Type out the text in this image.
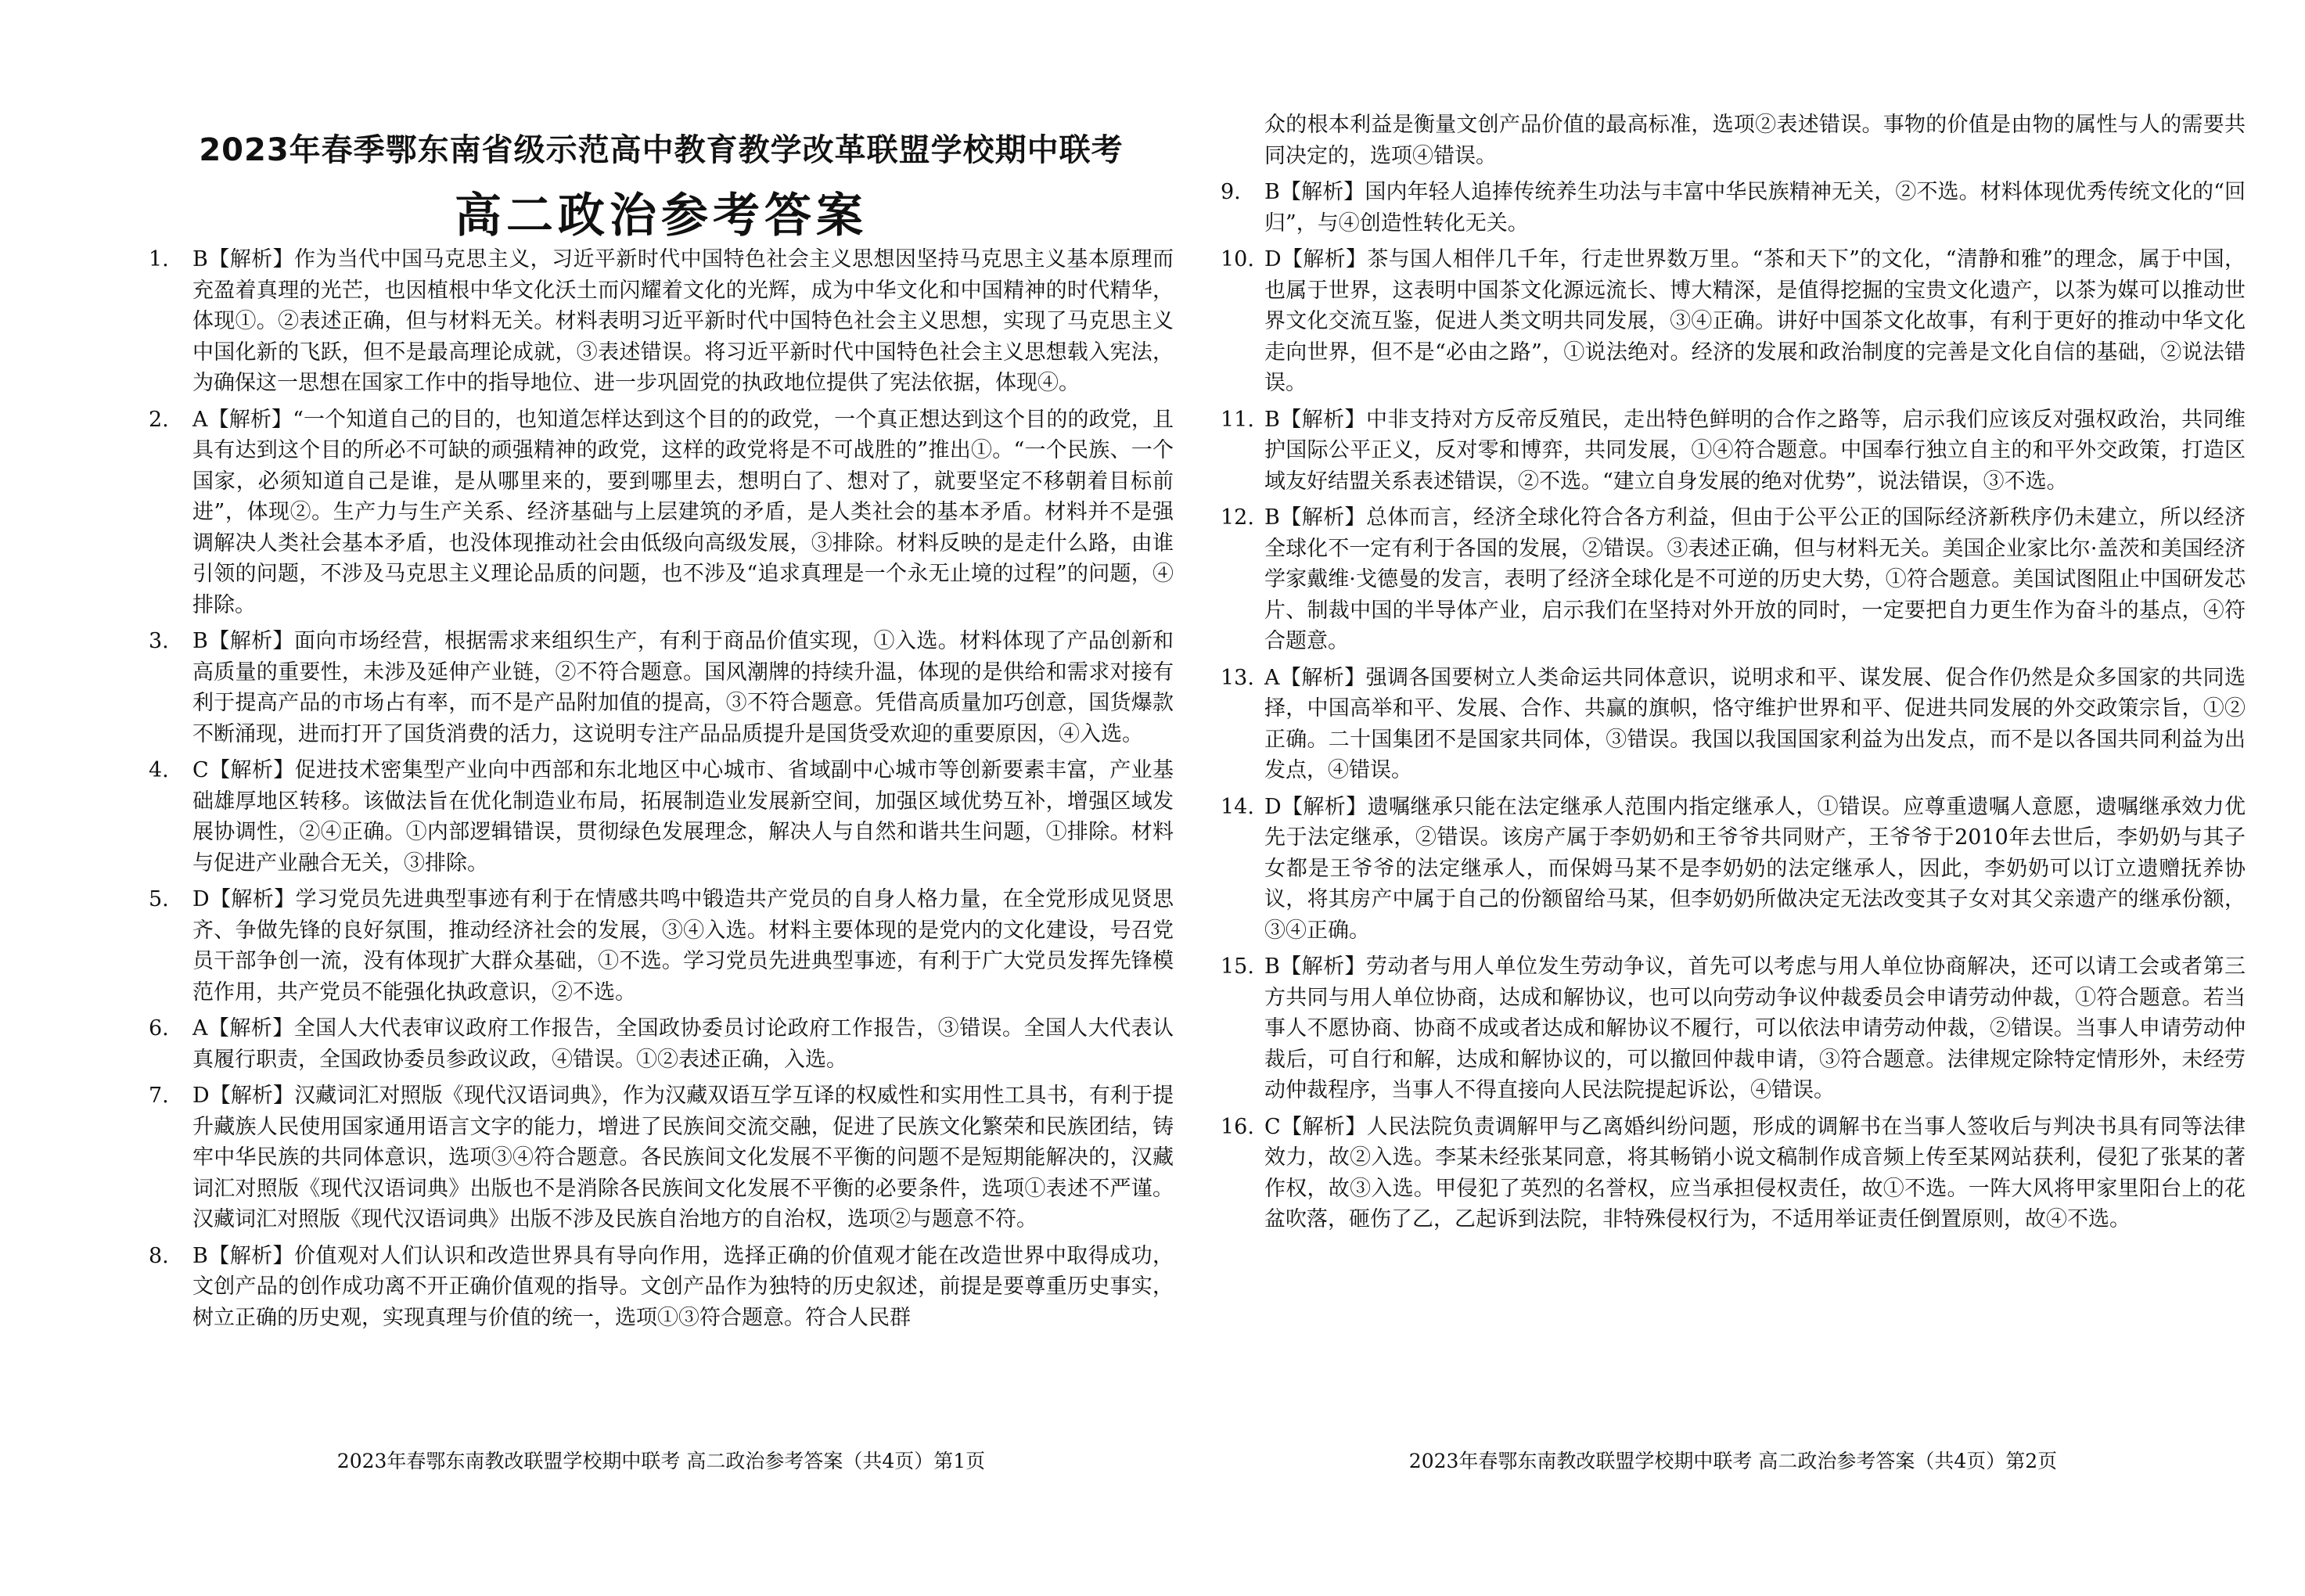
2023年春季鄂东南省级示范高中教育教学改革联盟学校期中联考
高二政治参考答案
1.	B【解析】作为当代中国马克思主义，习近平新时代中国特色社会主义思想因坚持马克思主义基本原理而充盈着真理的光芒，也因植根中华文化沃土而闪耀着文化的光辉，成为中华文化和中国精神的时代精华，体现①。②表述正确，但与材料无关。材料表明习近平新时代中国特色社会主义思想，实现了马克思主义中国化新的飞跃，但不是最高理论成就，③表述错误。将习近平新时代中国特色社会主义思想载入宪法，为确保这一思想在国家工作中的指导地位、进一步巩固党的执政地位提供了宪法依据，体现④。
2.	A【解析】“一个知道自己的目的，也知道怎样达到这个目的的政党，一个真正想达到这个目的的政党，且具有达到这个目的所必不可缺的顽强精神的政党，这样的政党将是不可战胜的”推出①。“一个民族、一个国家，必须知道自己是谁，是从哪里来的，要到哪里去，想明白了、想对了，就要坚定不移朝着目标前进”，体现②。生产力与生产关系、经济基础与上层建筑的矛盾，是人类社会的基本矛盾。材料并不是强调解决人类社会基本矛盾，也没体现推动社会由低级向高级发展，③排除。材料反映的是走什么路，由谁引领的问题，不涉及马克思主义理论品质的问题，也不涉及“追求真理是一个永无止境的过程”的问题，④排除。
3.	B【解析】面向市场经营，根据需求来组织生产，有利于商品价值实现，①入选。材料体现了产品创新和高质量的重要性，未涉及延伸产业链，②不符合题意。国风潮牌的持续升温，体现的是供给和需求对接有利于提高产品的市场占有率，而不是产品附加值的提高，③不符合题意。凭借高质量加巧创意，国货爆款不断涌现，进而打开了国货消费的活力，这说明专注产品品质提升是国货受欢迎的重要原因，④入选。
4.	C【解析】促进技术密集型产业向中西部和东北地区中心城市、省域副中心城市等创新要素丰富，产业基础雄厚地区转移。该做法旨在优化制造业布局，拓展制造业发展新空间，加强区域优势互补，增强区域发展协调性，②④正确。①内部逻辑错误，贯彻绿色发展理念，解决人与自然和谐共生问题，①排除。材料与促进产业融合无关，③排除。
5.	D【解析】学习党员先进典型事迹有利于在情感共鸣中锻造共产党员的自身人格力量，在全党形成见贤思齐、争做先锋的良好氛围，推动经济社会的发展，③④入选。材料主要体现的是党内的文化建设，号召党员干部争创一流，没有体现扩大群众基础，①不选。学习党员先进典型事迹，有利于广大党员发挥先锋模范作用，共产党员不能强化执政意识，②不选。
6.	A【解析】全国人大代表审议政府工作报告，全国政协委员讨论政府工作报告，③错误。全国人大代表认真履行职责，全国政协委员参政议政，④错误。①②表述正确，入选。
7.	D【解析】汉藏词汇对照版《现代汉语词典》，作为汉藏双语互学互译的权威性和实用性工具书，有利于提升藏族人民使用国家通用语言文字的能力，增进了民族间交流交融，促进了民族文化繁荣和民族团结，铸牢中华民族的共同体意识，选项③④符合题意。各民族间文化发展不平衡的问题不是短期能解决的，汉藏词汇对照版《现代汉语词典》出版也不是消除各民族间文化发展不平衡的必要条件，选项①表述不严谨。汉藏词汇对照版《现代汉语词典》出版不涉及民族自治地方的自治权，选项②与题意不符。
8.	B【解析】价值观对人们认识和改造世界具有导向作用，选择正确的价值观才能在改造世界中取得成功，文创产品的创作成功离不开正确价值观的指导。文创产品作为独特的历史叙述，前提是要尊重历史事实，树立正确的历史观，实现真理与价值的统一，选项①③符合题意。符合人民群
2023年春鄂东南教改联盟学校期中联考 高二政治参考答案（共4页）第1页
众的根本利益是衡量文创产品价值的最高标准，选项②表述错误。事物的价值是由物的属性与人的需要共同决定的，选项④错误。
9.	B【解析】国内年轻人追捧传统养生功法与丰富中华民族精神无关，②不选。材料体现优秀传统文化的“回归”，与④创造性转化无关。
10. D【解析】茶与国人相伴几千年，行走世界数万里。“茶和天下”的文化，“清静和雅”的理念，属于中国，也属于世界，这表明中国茶文化源远流长、博大精深，是值得挖掘的宝贵文化遗产，以茶为媒可以推动世界文化交流互鉴，促进人类文明共同发展，③④正确。讲好中国茶文化故事，有利于更好的推动中华文化走向世界，但不是“必由之路”，①说法绝对。经济的发展和政治制度的完善是文化自信的基础，②说法错误。
11. B【解析】中非支持对方反帝反殖民，走出特色鲜明的合作之路等，启示我们应该反对强权政治，共同维护国际公平正义，反对零和博弈，共同发展，①④符合题意。中国奉行独立自主的和平外交政策，打造区域友好结盟关系表述错误，②不选。“建立自身发展的绝对优势”，说法错误，③不选。
12. B【解析】总体而言，经济全球化符合各方利益，但由于公平公正的国际经济新秩序仍未建立，所以经济全球化不一定有利于各国的发展，②错误。③表述正确，但与材料无关。美国企业家比尔·盖茨和美国经济学家戴维·戈德曼的发言，表明了经济全球化是不可逆的历史大势，①符合题意。美国试图阻止中国研发芯片、制裁中国的半导体产业，启示我们在坚持对外开放的同时，一定要把自力更生作为奋斗的基点，④符合题意。
13. A【解析】强调各国要树立人类命运共同体意识，说明求和平、谋发展、促合作仍然是众多国家的共同选择，中国高举和平、发展、合作、共赢的旗帜，恪守维护世界和平、促进共同发展的外交政策宗旨，①②正确。二十国集团不是国家共同体，③错误。我国以我国国家利益为出发点，而不是以各国共同利益为出发点，④错误。
14. D【解析】遗嘱继承只能在法定继承人范围内指定继承人，①错误。应尊重遗嘱人意愿，遗嘱继承效力优先于法定继承，②错误。该房产属于李奶奶和王爷爷共同财产，王爷爷于2010年去世后，李奶奶与其子女都是王爷爷的法定继承人，而保姆马某不是李奶奶的法定继承人，因此，李奶奶可以订立遗赠抚养协议，将其房产中属于自己的份额留给马某，但李奶奶所做决定无法改变其子女对其父亲遗产的继承份额，③④正确。
15. B【解析】劳动者与用人单位发生劳动争议，首先可以考虑与用人单位协商解决，还可以请工会或者第三方共同与用人单位协商，达成和解协议，也可以向劳动争议仲裁委员会申请劳动仲裁，①符合题意。若当事人不愿协商、协商不成或者达成和解协议不履行，可以依法申请劳动仲裁，②错误。当事人申请劳动仲裁后，可自行和解，达成和解协议的，可以撤回仲裁申请，③符合题意。法律规定除特定情形外，未经劳动仲裁程序，当事人不得直接向人民法院提起诉讼，④错误。
16. C【解析】人民法院负责调解甲与乙离婚纠纷问题，形成的调解书在当事人签收后与判决书具有同等法律效力，故②入选。李某未经张某同意，将其畅销小说文稿制作成音频上传至某网站获利，侵犯了张某的著作权，故③入选。甲侵犯了英烈的名誉权，应当承担侵权责任，故①不选。一阵大风将甲家里阳台上的花盆吹落，砸伤了乙，乙起诉到法院，非特殊侵权行为，不适用举证责任倒置原则，故④不选。
2023年春鄂东南教改联盟学校期中联考 高二政治参考答案（共4页）第2页
